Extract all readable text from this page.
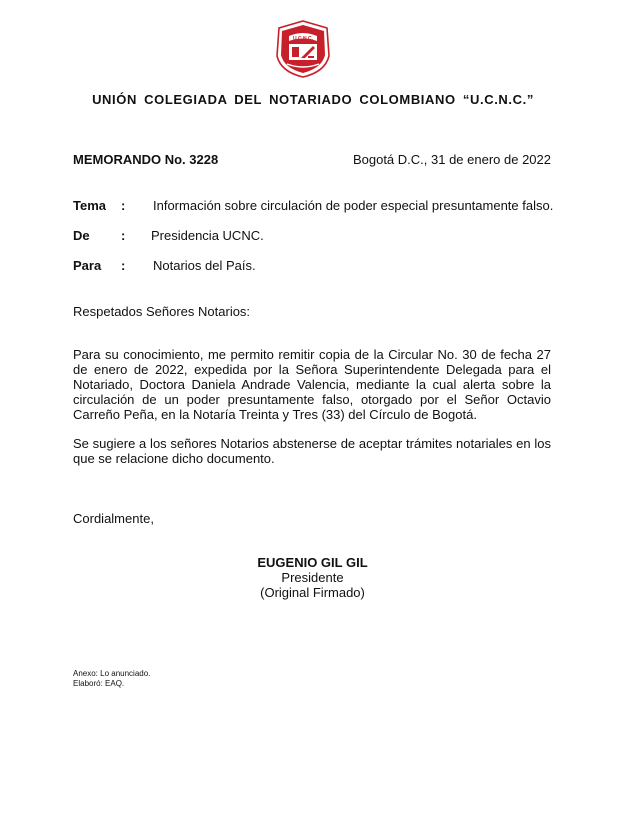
U.C.N.C.
UNIÓN COLEGIADA DEL NOTARIADO COLOMBIANO “U.C.N.C.”
MEMORANDO No. 3228	Bogotá D.C., 31 de enero de 2022
Tema : Información sobre circulación de poder especial presuntamente falso.
De : Presidencia UCNC.
Para : Notarios del País.
Respetados Señores Notarios:
Para su conocimiento, me permito remitir copia de la Circular No. 30 de fecha 27 de enero de 2022, expedida por la Señora Superintendente Delegada para el Notariado, Doctora Daniela Andrade Valencia, mediante la cual alerta sobre la circulación de un poder presuntamente falso, otorgado por el Señor Octavio Carreño Peña, en la Notaría Treinta y Tres (33) del Círculo de Bogotá.
Se sugiere a los señores Notarios abstenerse de aceptar trámites notariales en los que se relacione dicho documento.
Cordialmente,
EUGENIO GIL GIL
Presidente
(Original Firmado)
Anexo: Lo anunciado.
Elaboró: EAQ.
